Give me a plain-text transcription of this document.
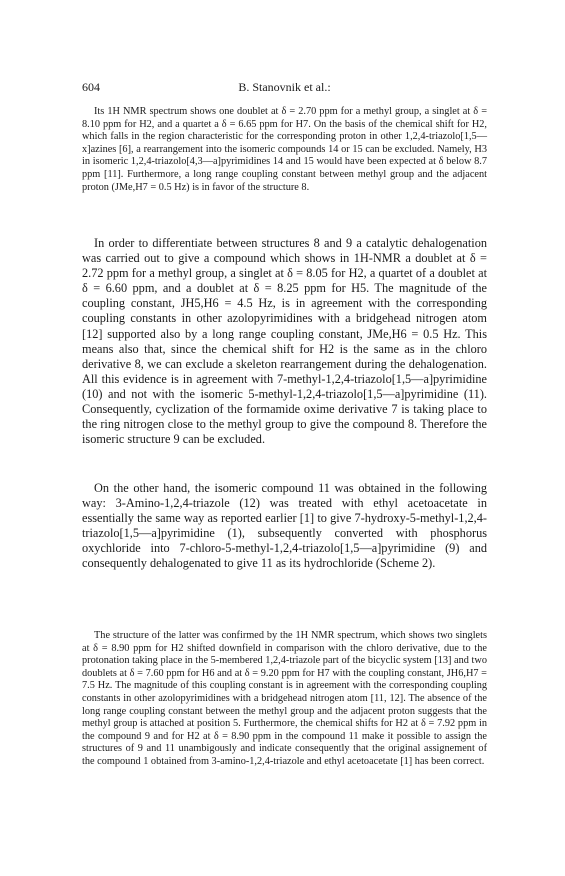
604	B. Stanovnik et al.:

Its 1H NMR spectrum shows one doublet at δ = 2.70 ppm for a methyl group, a singlet at δ = 8.10 ppm for H2, and a quartet a δ = 6.65 ppm for H7. On the basis of the chemical shift for H2, which falls in the region characteristic for the corresponding proton in other 1,2,4-triazolo[1,5—x]azines [6], a rearrangement into the isomeric compounds 14 or 15 can be excluded. Namely, H3 in isomeric 1,2,4-triazolo[4,3—a]pyrimidines 14 and 15 would have been expected at δ below 8.7 ppm [11]. Furthermore, a long range coupling constant between methyl group and the adjacent proton (JMe,H7 = 0.5 Hz) is in favor of the structure 8.

In order to differentiate between structures 8 and 9 a catalytic dehalogenation was carried out to give a compound which shows in 1H-NMR a doublet at δ = 2.72 ppm for a methyl group, a singlet at δ = 8.05 for H2, a quartet of a doublet at δ = 6.60 ppm, and a doublet at δ = 8.25 ppm for H5. The magnitude of the coupling constant, JH5,H6 = 4.5 Hz, is in agreement with the corresponding coupling constants in other azolopyrimidines with a bridgehead nitrogen atom [12] supported also by a long range coupling constant, JMe,H6 = 0.5 Hz. This means also that, since the chemical shift for H2 is the same as in the chloro derivative 8, we can exclude a skeleton rearrangement during the dehalogenation. All this evidence is in agreement with 7-methyl-1,2,4-triazolo[1,5—a]pyrimidine (10) and not with the isomeric 5-methyl-1,2,4-triazolo[1,5—a]pyrimidine (11). Consequently, cyclization of the formamide oxime derivative 7 is taking place to the ring nitrogen close to the methyl group to give the compound 8. Therefore the isomeric structure 9 can be excluded.

On the other hand, the isomeric compound 11 was obtained in the following way: 3-Amino-1,2,4-triazole (12) was treated with ethyl acetoacetate in essentially the same way as reported earlier [1] to give 7-hydroxy-5-methyl-1,2,4-triazolo[1,5—a]pyrimidine (1), subsequently converted with phosphorus oxychloride into 7-chloro-5-methyl-1,2,4-triazolo[1,5—a]pyrimidine (9) and consequently dehalogenated to give 11 as its hydrochloride (Scheme 2).

The structure of the latter was confirmed by the 1H NMR spectrum, which shows two singlets at δ = 8.90 ppm for H2 shifted downfield in comparison with the chloro derivative, due to the protonation taking place in the 5-membered 1,2,4-triazole part of the bicyclic system [13] and two doublets at δ = 7.60 ppm for H6 and at δ = 9.20 ppm for H7 with the coupling constant, JH6,H7 = 7.5 Hz. The magnitude of this coupling constant is in agreement with the corresponding coupling constants in other azolopyrimidines with a bridgehead nitrogen atom [11, 12]. The absence of the long range coupling constant between the methyl group and the adjacent proton suggests that the methyl group is attached at position 5. Furthermore, the chemical shifts for H2 at δ = 7.92 ppm in the compound 9 and for H2 at δ = 8.90 ppm in the compound 11 make it possible to assign the structures of 9 and 11 unambigously and indicate consequently that the original assignement of the compound 1 obtained from 3-amino-1,2,4-triazole and ethyl acetoacetate [1] has been correct.
